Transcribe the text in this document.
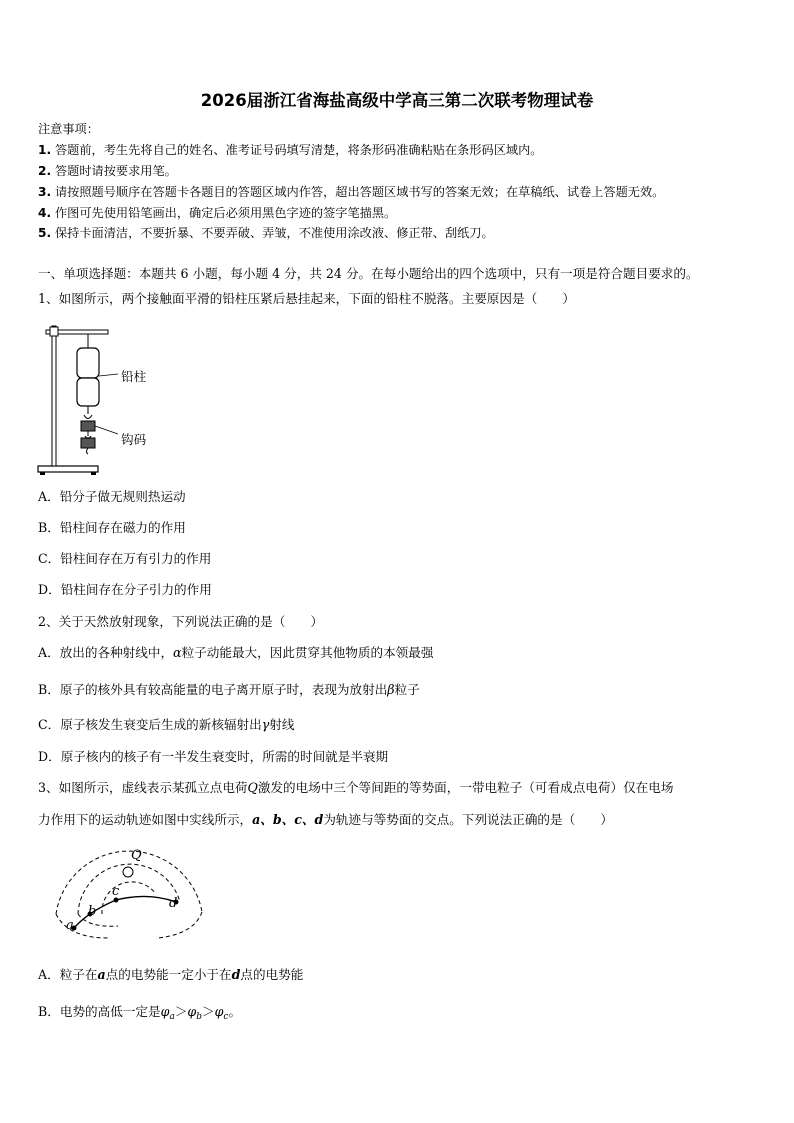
2026届浙江省海盐高级中学高三第二次联考物理试卷
注意事项：
1. 答题前，考生先将自己的姓名、准考证号码填写清楚，将条形码准确粘贴在条形码区域内。
2. 答题时请按要求用笔。
3. 请按照题号顺序在答题卡各题目的答题区域内作答，超出答题区域书写的答案无效；在草稿纸、试卷上答题无效。
4. 作图可先使用铅笔画出，确定后必须用黑色字迹的签字笔描黑。
5. 保持卡面清洁，不要折暴、不要弄破、弄皱，不准使用涂改液、修正带、刮纸刀。
一、单项选择题：本题共 6 小题，每小题 4 分，共 24 分。在每小题给出的四个选项中，只有一项是符合题目要求的。
1、如图所示，两个接触面平滑的铅柱压紧后悬挂起来，下面的铅柱不脱落。主要原因是（　　）
铅柱
钩码
A．铅分子做无规则热运动
B．铅柱间存在磁力的作用
C．铅柱间存在万有引力的作用
D．铅柱间存在分子引力的作用
2、关于天然放射现象，下列说法正确的是（　　）
A．放出的各种射线中，α粒子动能最大，因此贯穿其他物质的本领最强
B．原子的核外具有较高能量的电子离开原子时，表现为放射出β粒子
C．原子核发生衰变后生成的新核辐射出γ射线
D．原子核内的核子有一半发生衰变时，所需的时间就是半衰期
3、如图所示，虚线表示某孤立点电荷Q激发的电场中三个等间距的等势面，一带电粒子（可看成点电荷）仅在电场
力作用下的运动轨迹如图中实线所示，a、b、c、d为轨迹与等势面的交点。下列说法正确的是（　　）
Q
a
b
c
d
A．粒子在a点的电势能一定小于在d点的电势能
B．电势的高低一定是$\varphi_a>\varphi_b>\varphi_c$。
